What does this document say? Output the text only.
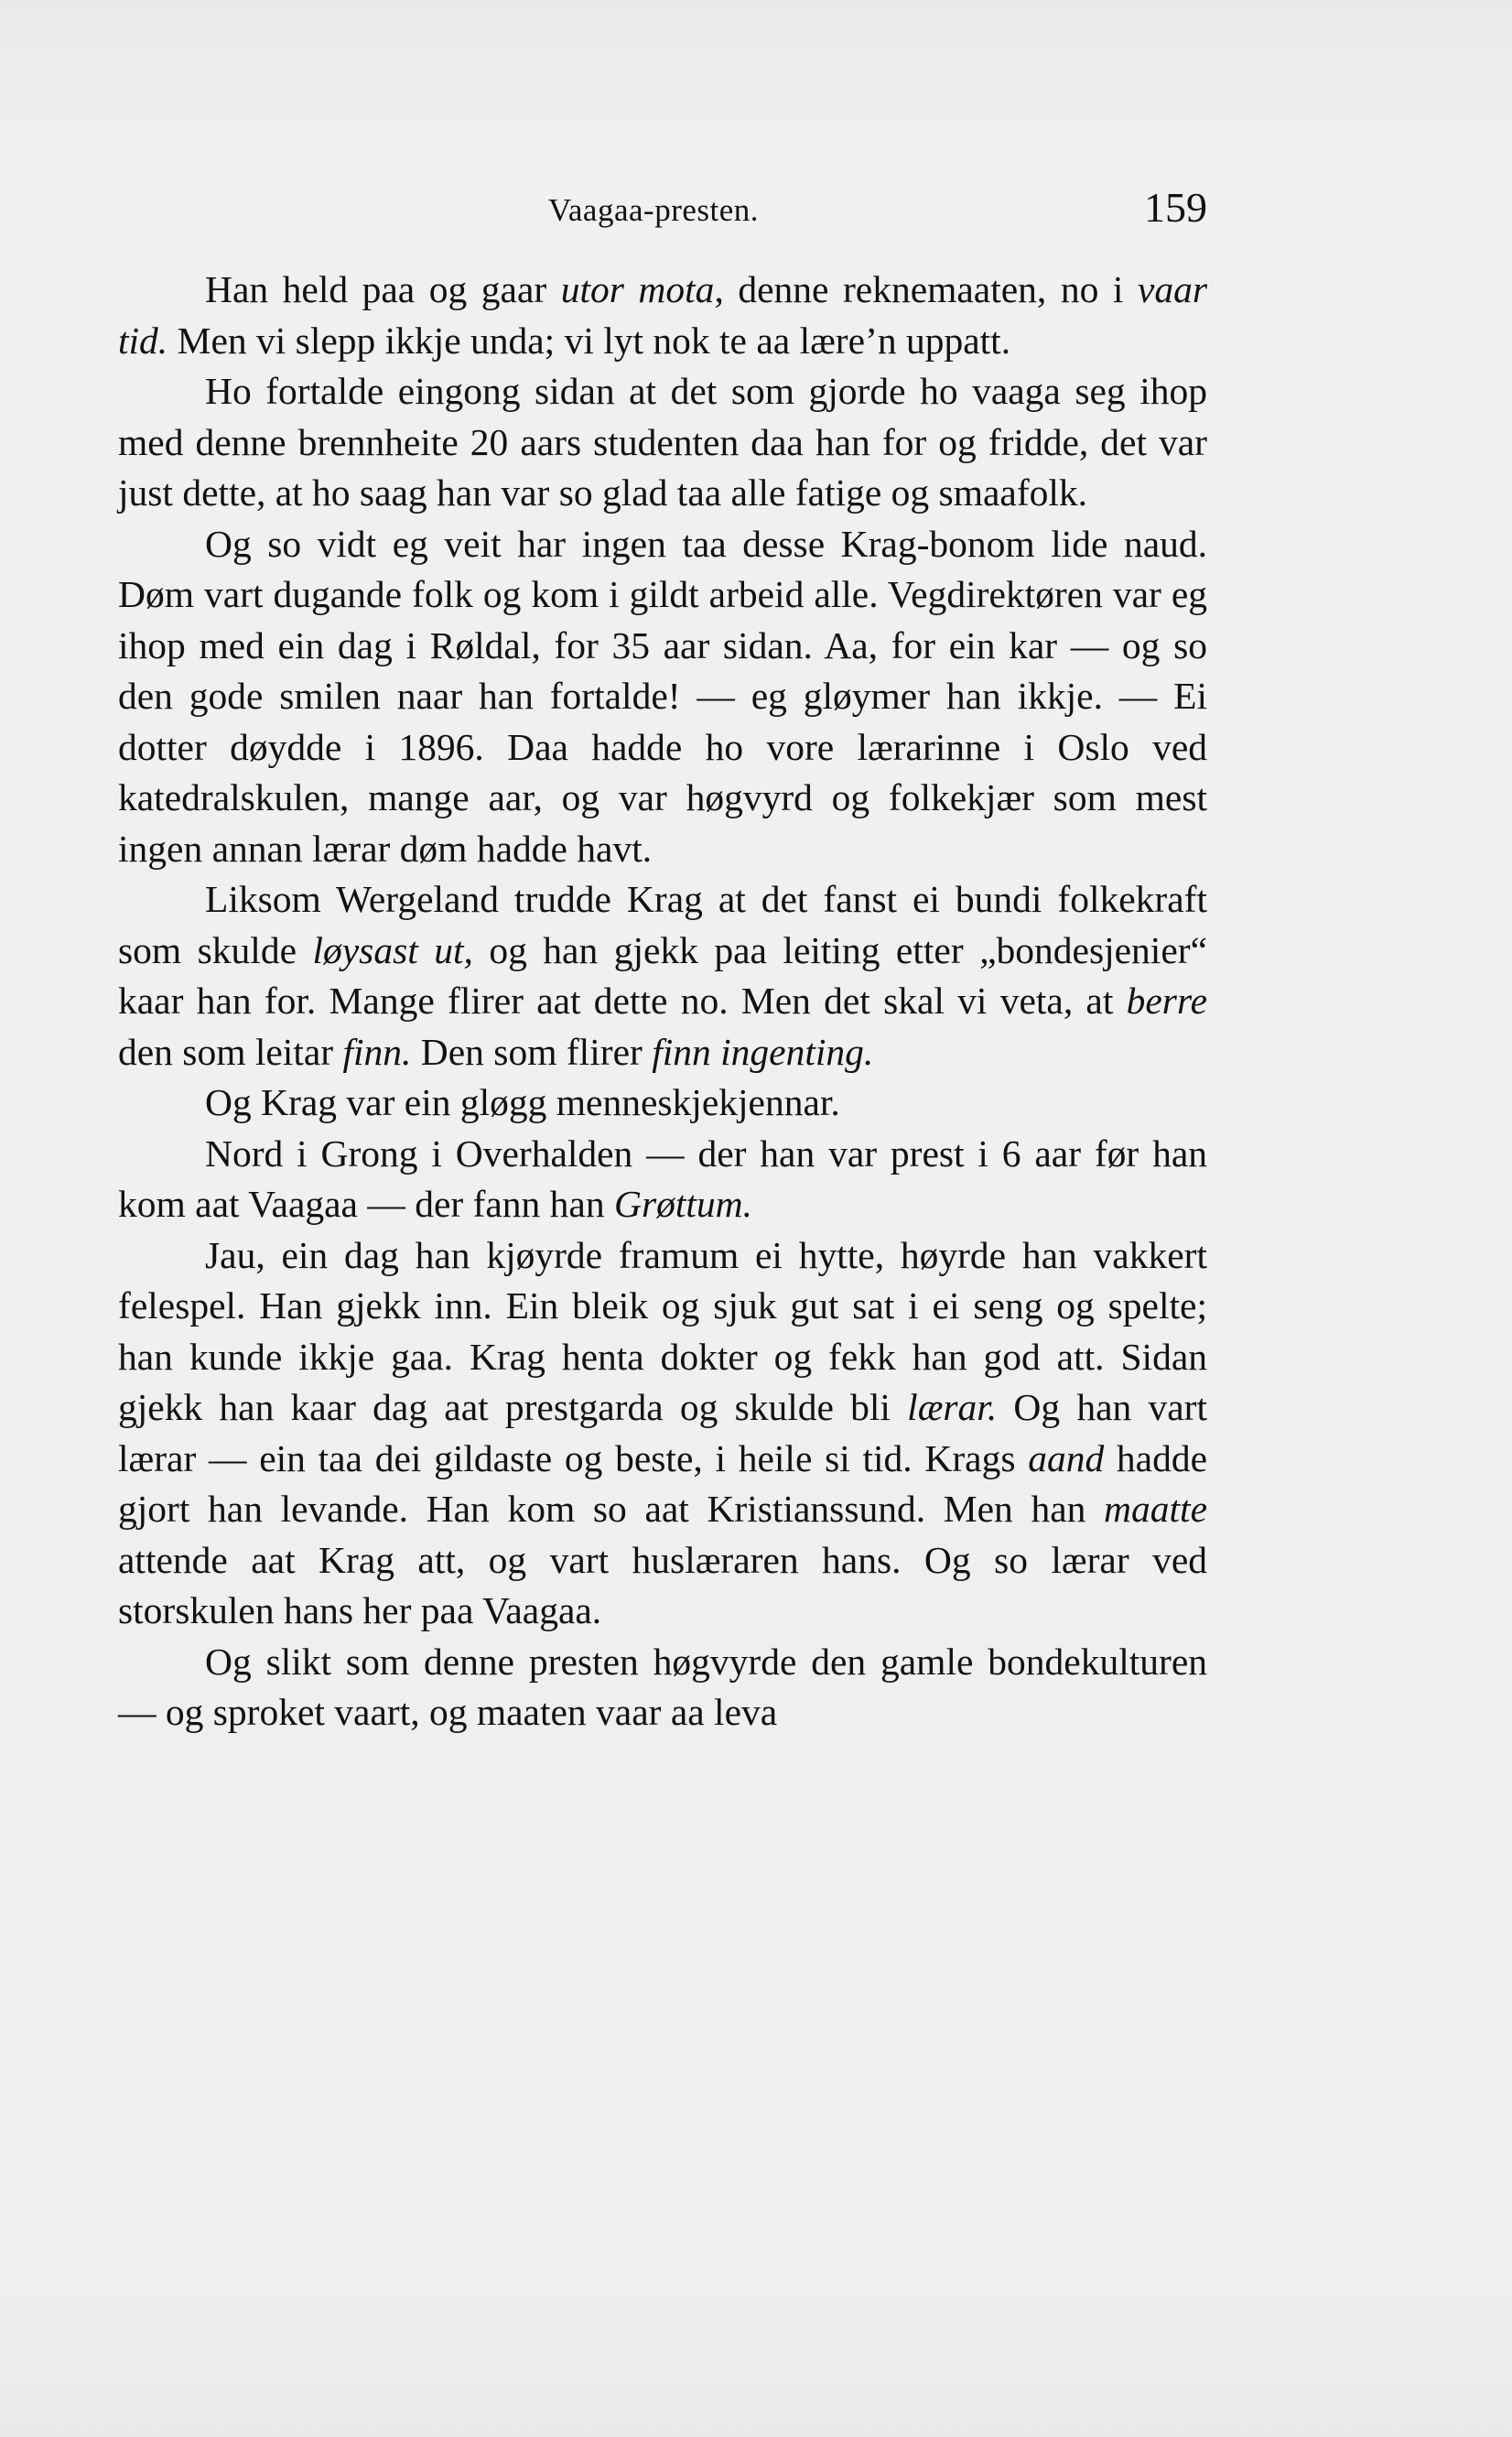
Vaagaa-presten.	159

Han held paa og gaar utor mota, denne reknemaaten, no i vaar tid. Men vi slepp ikkje unda; vi lyt nok te aa lære’n uppatt.

Ho fortalde eingong sidan at det som gjorde ho vaaga seg ihop med denne brennheite 20 aars studenten daa han for og fridde, det var just dette, at ho saag han var so glad taa alle fatige og smaafolk.

Og so vidt eg veit har ingen taa desse Krag-bonom lide naud. Døm vart dugande folk og kom i gildt arbeid alle. Vegdirektøren var eg ihop med ein dag i Røldal, for 35 aar sidan. Aa, for ein kar — og so den gode smilen naar han fortalde! — eg gløymer han ikkje. — Ei dotter døydde i 1896. Daa hadde ho vore lærarinne i Oslo ved katedralskulen, mange aar, og var høgvyrd og folkekjær som mest ingen annan lærar døm hadde havt.

Liksom Wergeland trudde Krag at det fanst ei bundi folkekraft som skulde løysast ut, og han gjekk paa leiting etter „bondesjenier“ kaar han for. Mange flirer aat dette no. Men det skal vi veta, at berre den som leitar finn. Den som flirer finn ingenting.

Og Krag var ein gløgg menneskjekjennar.

Nord i Grong i Overhalden — der han var prest i 6 aar før han kom aat Vaagaa — der fann han Grøttum.

Jau, ein dag han kjøyrde framum ei hytte, høyrde han vakkert felespel. Han gjekk inn. Ein bleik og sjuk gut sat i ei seng og spelte; han kunde ikkje gaa. Krag henta dokter og fekk han god att. Sidan gjekk han kaar dag aat prestgarda og skulde bli lærar. Og han vart lærar — ein taa dei gildaste og beste, i heile si tid. Krags aand hadde gjort han levande. Han kom so aat Kristianssund. Men han maatte attende aat Krag att, og vart huslæraren hans. Og so lærar ved storskulen hans her paa Vaagaa.

Og slikt som denne presten høgvyrde den gamle bondekulturen — og sproket vaart, og maaten vaar aa leva
